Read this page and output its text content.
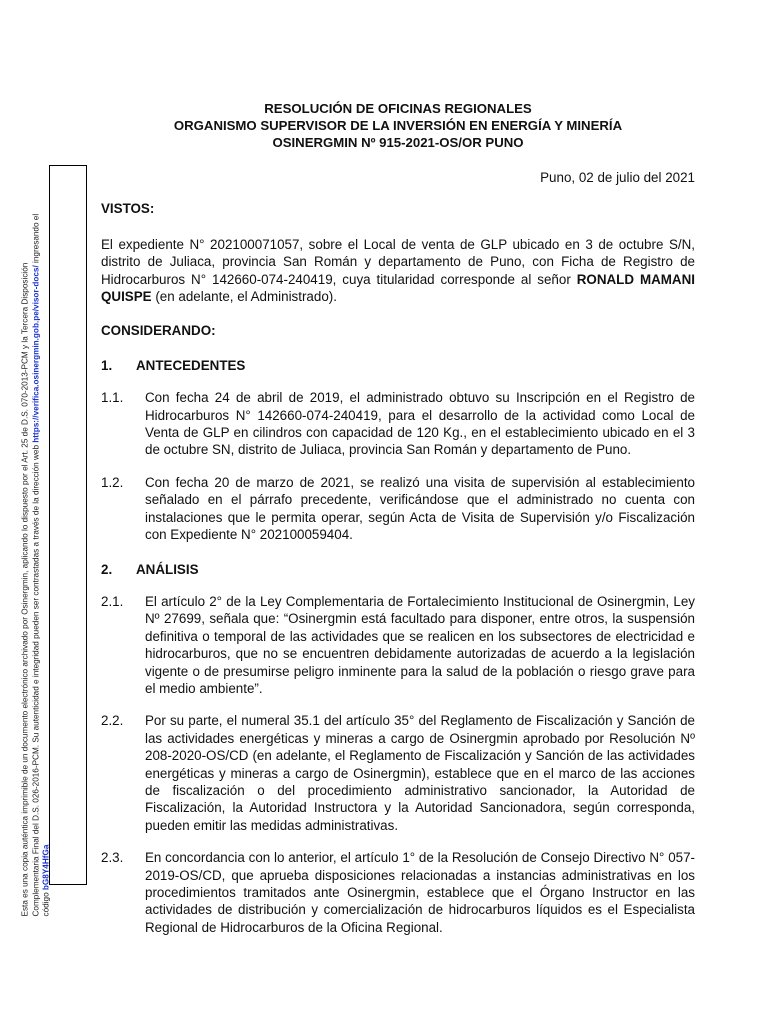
Esta es una copia auténtica imprimible de un documento electrónico archivado por Osinergmin, aplicando lo dispuesto por el Art. 25 de D.S. 070-2013-PCM y la Tercera Disposición Complementaria Final del D.S. 026-2016-PCM. Su autenticidad e integridad pueden ser contrastadas a través de la dirección web https://verifica.osinergmin.gob.pe/visor-docs/ ingresando el código bG8Y4HfGa
RESOLUCIÓN DE OFICINAS REGIONALES
ORGANISMO SUPERVISOR DE LA INVERSIÓN EN ENERGÍA Y MINERÍA
OSINERGMIN Nº 915-2021-OS/OR PUNO
Puno, 02 de julio del 2021
VISTOS:
El expediente N° 202100071057, sobre el Local de venta de GLP ubicado en 3 de octubre S/N, distrito de Juliaca, provincia San Román y departamento de Puno, con Ficha de Registro de Hidrocarburos N° 142660-074-240419, cuya titularidad corresponde al señor RONALD MAMANI QUISPE (en adelante, el Administrado).
CONSIDERANDO:
1.	ANTECEDENTES
1.1.	Con fecha 24 de abril de 2019, el administrado obtuvo su Inscripción en el Registro de Hidrocarburos N° 142660-074-240419, para el desarrollo de la actividad como Local de Venta de GLP en cilindros con capacidad de 120 Kg., en el establecimiento ubicado en el 3 de octubre SN, distrito de Juliaca, provincia San Román y departamento de Puno.
1.2.	Con fecha 20 de marzo de 2021, se realizó una visita de supervisión al establecimiento señalado en el párrafo precedente, verificándose que el administrado no cuenta con instalaciones que le permita operar, según Acta de Visita de Supervisión y/o Fiscalización con Expediente N° 202100059404.
2.	ANÁLISIS
2.1.	El artículo 2° de la Ley Complementaria de Fortalecimiento Institucional de Osinergmin, Ley Nº 27699, señala que: “Osinergmin está facultado para disponer, entre otros, la suspensión definitiva o temporal de las actividades que se realicen en los subsectores de electricidad e hidrocarburos, que no se encuentren debidamente autorizadas de acuerdo a la legislación vigente o de presumirse peligro inminente para la salud de la población o riesgo grave para el medio ambiente”.
2.2.	Por su parte, el numeral 35.1 del artículo 35° del Reglamento de Fiscalización y Sanción de las actividades energéticas y mineras a cargo de Osinergmin aprobado por Resolución Nº 208-2020-OS/CD (en adelante, el Reglamento de Fiscalización y Sanción de las actividades energéticas y mineras a cargo de Osinergmin), establece que en el marco de las acciones de fiscalización o del procedimiento administrativo sancionador, la Autoridad de Fiscalización, la Autoridad Instructora y la Autoridad Sancionadora, según corresponda, pueden emitir las medidas administrativas.
2.3.	En concordancia con lo anterior, el artículo 1° de la Resolución de Consejo Directivo N° 057-2019-OS/CD, que aprueba disposiciones relacionadas a instancias administrativas en los procedimientos tramitados ante Osinergmin, establece que el Órgano Instructor en las actividades de distribución y comercialización de hidrocarburos líquidos es el Especialista Regional de Hidrocarburos de la Oficina Regional.
